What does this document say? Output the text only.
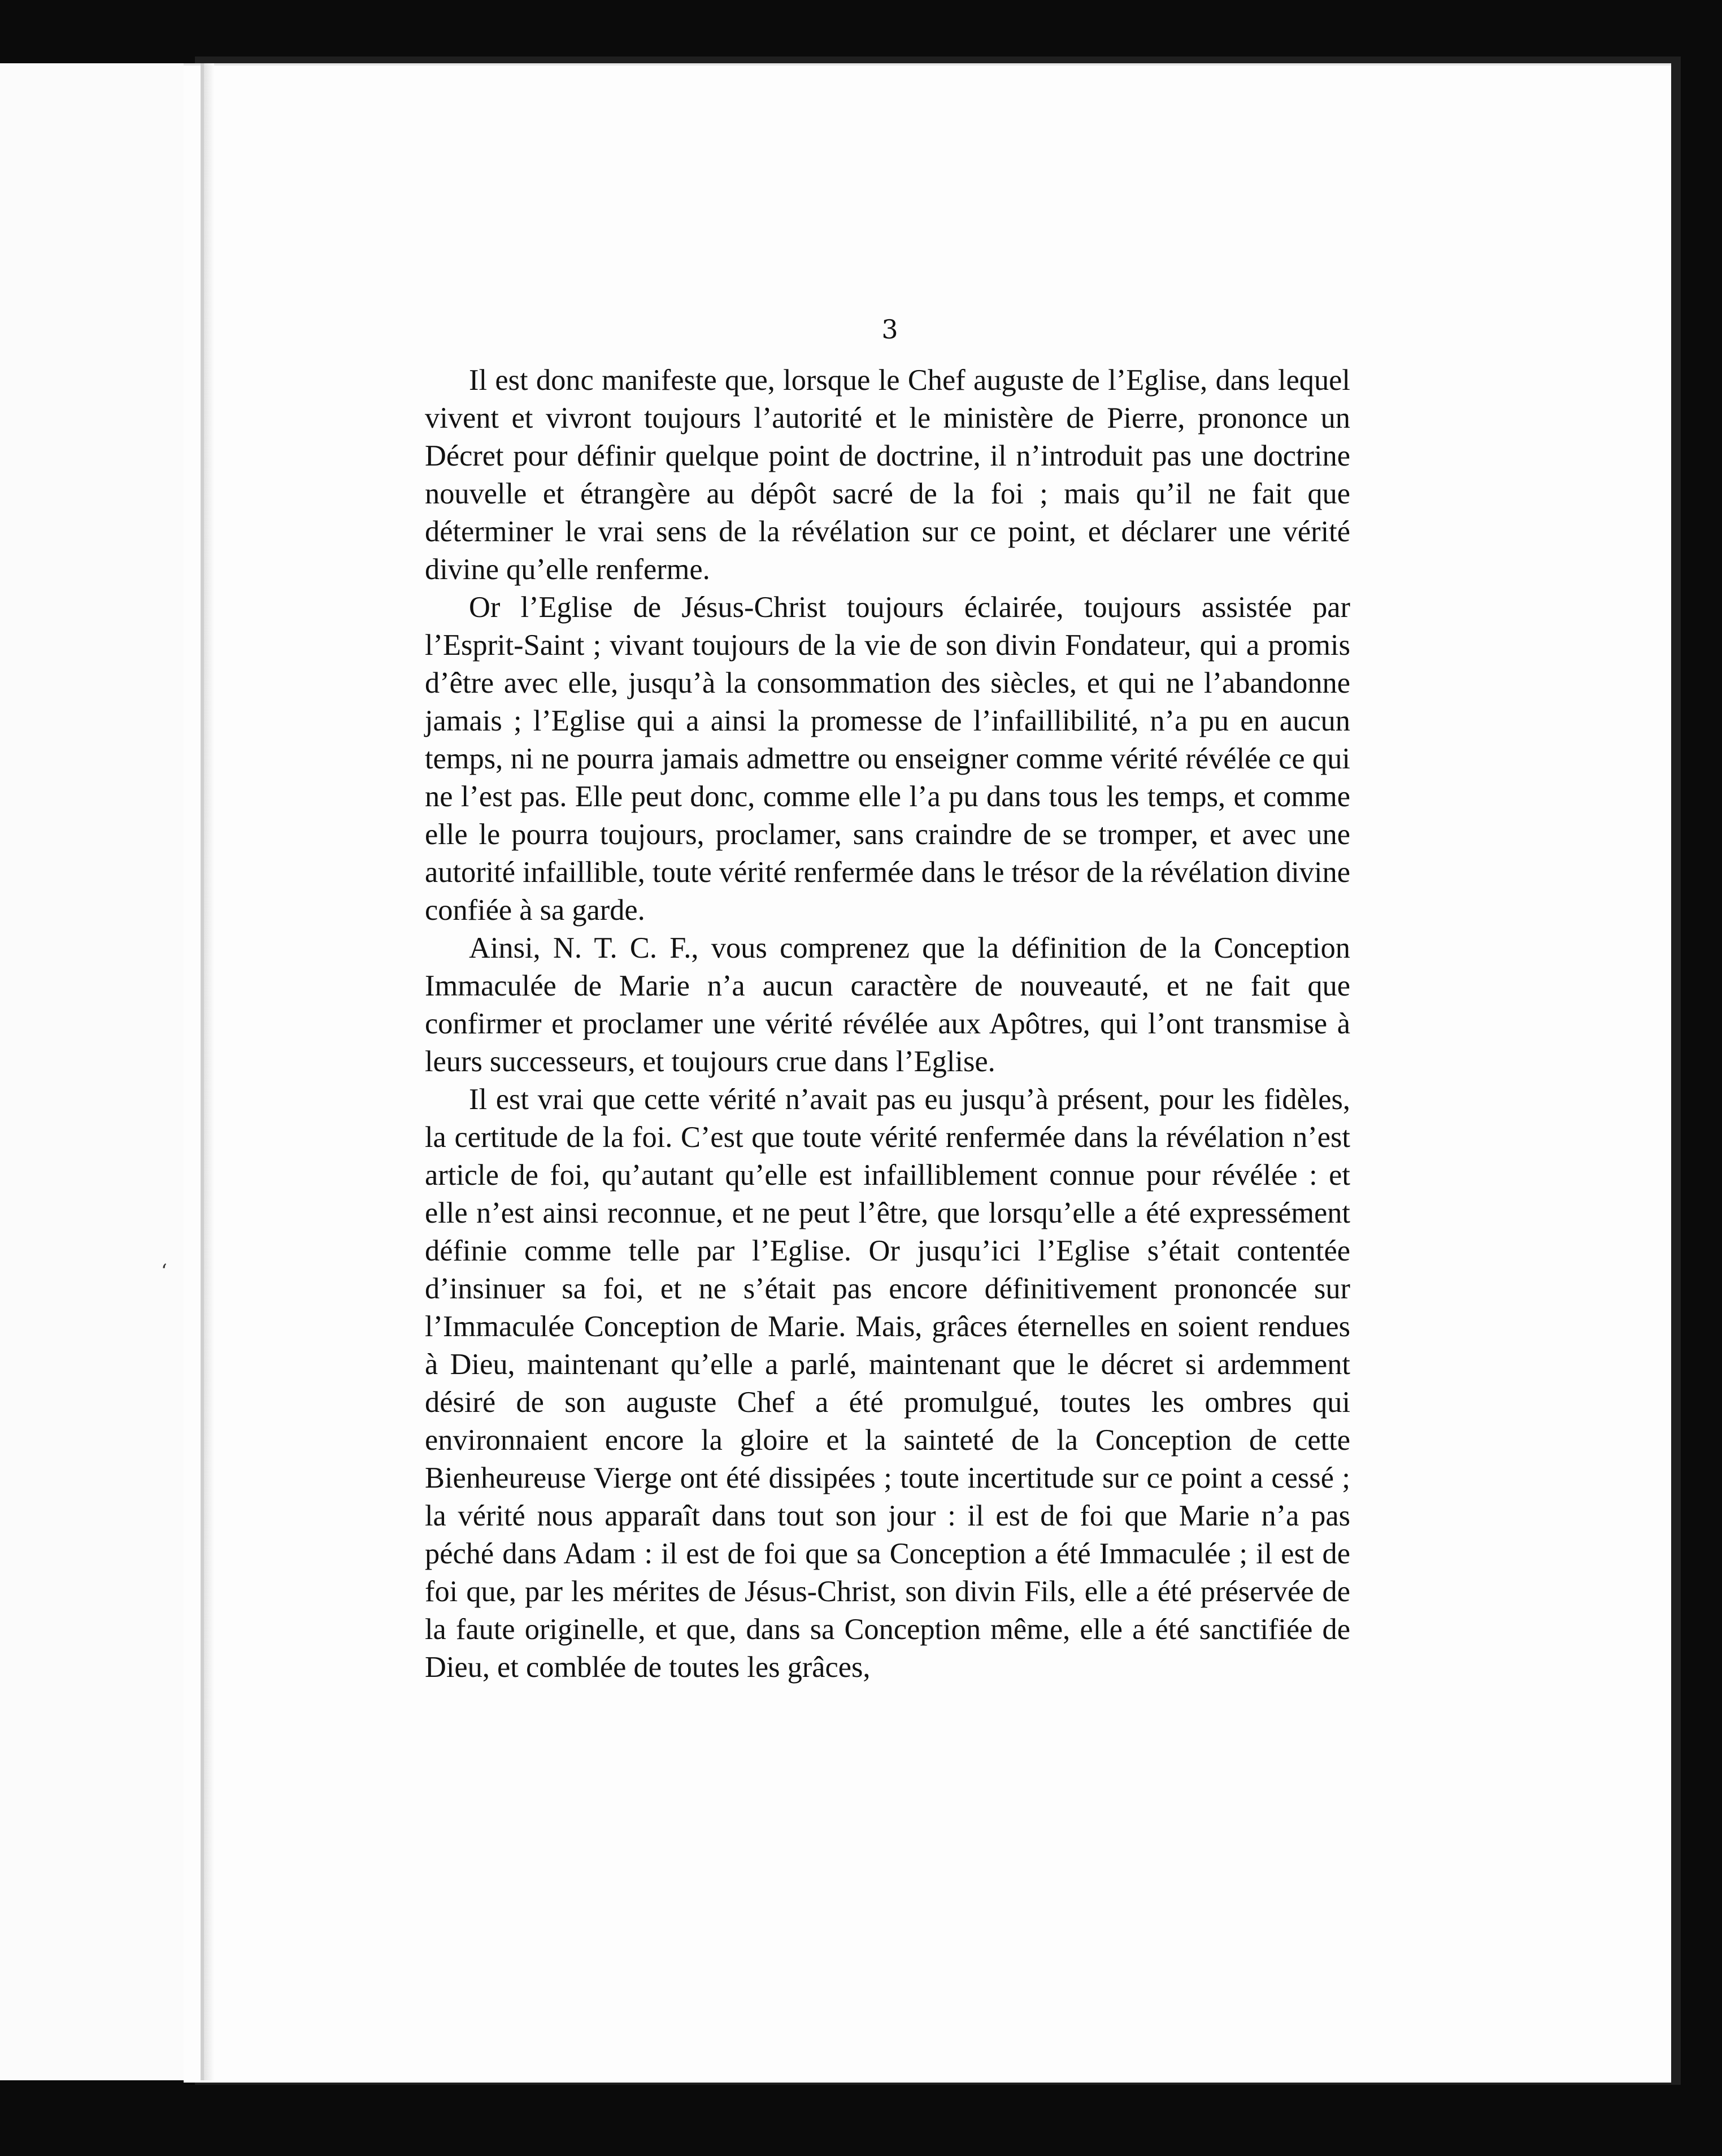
‘
3

Il est donc manifeste que, lorsque le Chef auguste de l’Eglise, dans lequel vivent et vivront toujours l’autorité et le ministère de Pierre, prononce un Décret pour définir quelque point de doctrine, il n’introduit pas une doctrine nouvelle et étrangère au dépôt sacré de la foi ; mais qu’il ne fait que déterminer le vrai sens de la révélation sur ce point, et déclarer une vérité divine qu’elle renferme.

Or l’Eglise de Jésus-Christ toujours éclairée, toujours assistée par l’Esprit-Saint ; vivant toujours de la vie de son divin Fondateur, qui a promis d’être avec elle, jusqu’à la consommation des siècles, et qui ne l’abandonne jamais ; l’Eglise qui a ainsi la promesse de l’infaillibilité, n’a pu en aucun temps, ni ne pourra jamais admettre ou enseigner comme vérité révélée ce qui ne l’est pas. Elle peut donc, comme elle l’a pu dans tous les temps, et comme elle le pourra toujours, proclamer, sans craindre de se tromper, et avec une autorité infaillible, toute vérité renfermée dans le trésor de la révélation divine confiée à sa garde.

Ainsi, N. T. C. F., vous comprenez que la définition de la Conception Immaculée de Marie n’a aucun caractère de nouveauté, et ne fait que confirmer et proclamer une vérité révélée aux Apôtres, qui l’ont transmise à leurs successeurs, et toujours crue dans l’Eglise.

Il est vrai que cette vérité n’avait pas eu jusqu’à présent, pour les fidèles, la certitude de la foi. C’est que toute vérité renfermée dans la révélation n’est article de foi, qu’autant qu’elle est infailliblement connue pour révélée : et elle n’est ainsi reconnue, et ne peut l’être, que lorsqu’elle a été expressément définie comme telle par l’Eglise. Or jusqu’ici l’Eglise s’était contentée d’insinuer sa foi, et ne s’était pas encore définitivement prononcée sur l’Immaculée Conception de Marie. Mais, grâces éternelles en soient rendues à Dieu, maintenant qu’elle a parlé, maintenant que le décret si ardemment désiré de son auguste Chef a été promulgué, toutes les ombres qui environnaient encore la gloire et la sainteté de la Conception de cette Bienheureuse Vierge ont été dissipées ; toute incertitude sur ce point a cessé ; la vérité nous apparaît dans tout son jour : il est de foi que Marie n’a pas péché dans Adam : il est de foi que sa Conception a été Immaculée ; il est de foi que, par les mérites de Jésus-Christ, son divin Fils, elle a été préservée de la faute originelle, et que, dans sa Conception même, elle a été sanctifiée de Dieu, et comblée de toutes les grâces,
